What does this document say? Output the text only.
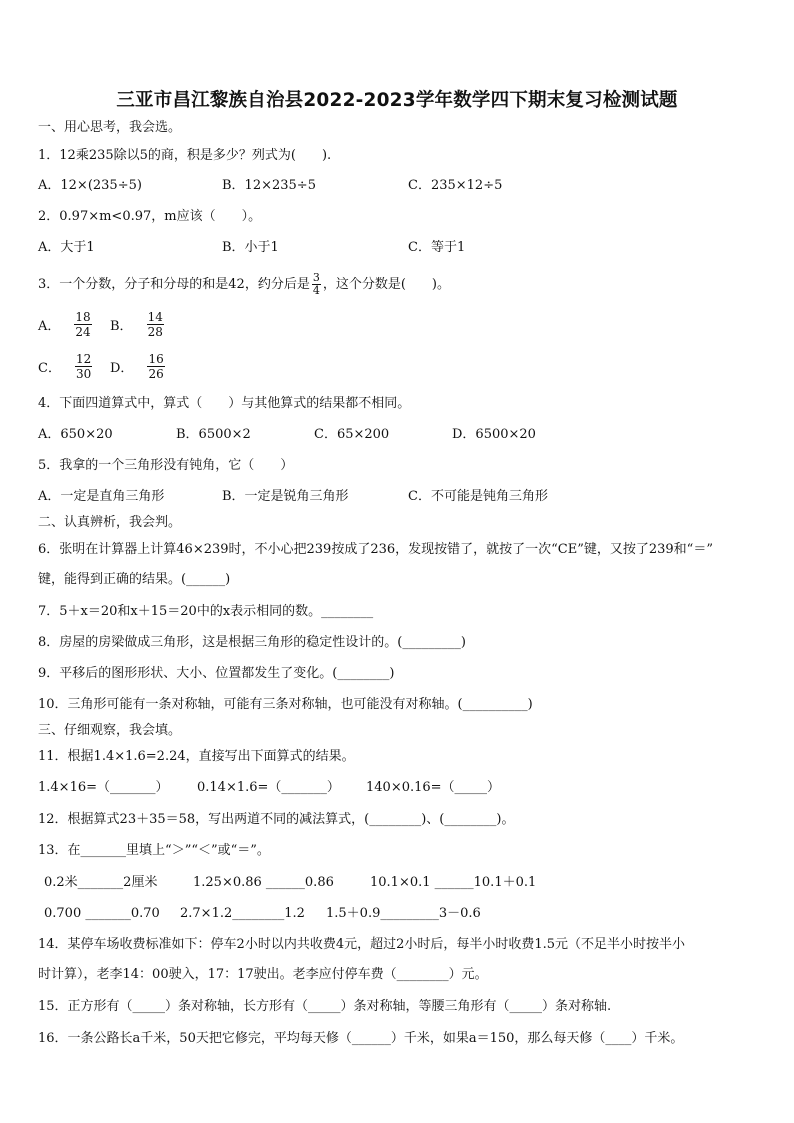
三亚市昌江黎族自治县2022-2023学年数学四下期末复习检测试题
一、用心思考，我会选。
1．12乘235除以5的商，积是多少？列式为(　　).
A．12×(235÷5)	B．12×235÷5	C．235×12÷5
2．0.97×m<0.97，m应该（　　）。
A．大于1	B．小于1	C．等于1
3．一个分数，分子和分母的和是42，约分后是 $\frac{3}{4}$ ，这个分数是(　　)。
A． $\frac{18}{24}$ B． $\frac{14}{28}$
C． $\frac{12}{30}$ D． $\frac{16}{26}$
4．下面四道算式中，算式（　　）与其他算式的结果都不相同。
A．650×20	B．6500×2	C．65×200	D．6500×20
5．我拿的一个三角形没有钝角，它（　　）
A．一定是直角三角形	B．一定是锐角三角形	C．不可能是钝角三角形
二、认真辨析，我会判。
6．张明在计算器上计算46×239时，不小心把239按成了236，发现按错了，就按了一次“CE”键，又按了239和“＝”
键，能得到正确的结果。(______)
7．5＋x＝20和x＋15＝20中的x表示相同的数。________
8．房屋的房梁做成三角形，这是根据三角形的稳定性设计的。(_________)
9．平移后的图形形状、大小、位置都发生了变化。(________)
10．三角形可能有一条对称轴，可能有三条对称轴，也可能没有对称轴。(__________)
三、仔细观察，我会填。
11．根据1.4×1.6=2.24，直接写出下面算式的结果。
1.4×16=（_______） 0.14×1.6=（_______） 140×0.16=（_____）
12．根据算式23＋35＝58，写出两道不同的减法算式，(________)、(________)。
13．在_______里填上“＞”“＜”或“＝”。
0.2米_______2厘米	1.25×0.86 ______0.86	10.1×0.1 ______10.1＋0.1
0.700 _______0.70 2.7×1.2________1.2 1.5＋0.9_________3－0.6
14．某停车场收费标准如下：停车2小时以内共收费4元，超过2小时后，每半小时收费1.5元（不足半小时按半小
时计算），老李14：00驶入，17：17驶出。老李应付停车费（________）元。
15．正方形有（_____）条对称轴，长方形有（_____）条对称轴，等腰三角形有（_____）条对称轴.
16．一条公路长a千米，50天把它修完，平均每天修（______）千米，如果a＝150，那么每天修（____）千米。
